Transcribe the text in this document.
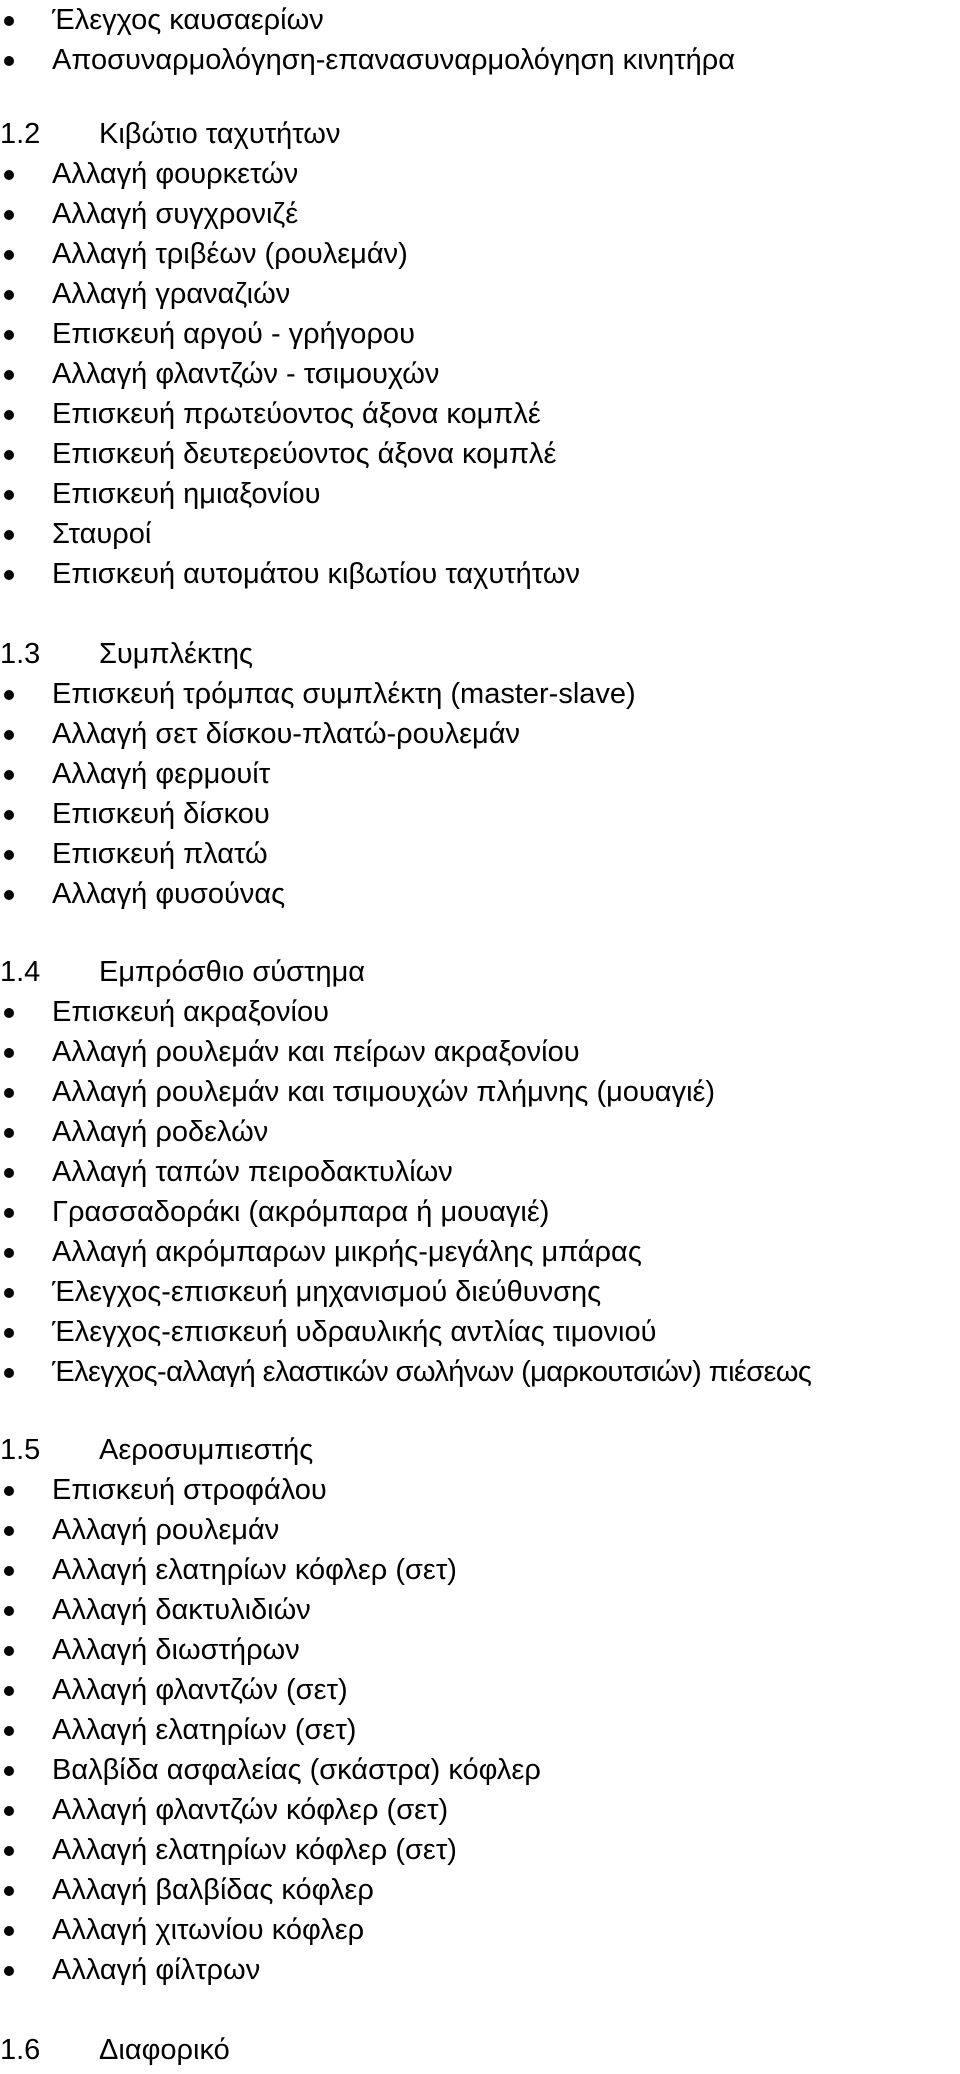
Έλεγχος καυσαερίων
Αποσυναρμολόγηση-επανασυναρμολόγηση κινητήρα
1.2 Κιβώτιο ταχυτήτων
Αλλαγή φουρκετών
Αλλαγή συγχρονιζέ
Αλλαγή τριβέων (ρουλεμάν)
Αλλαγή γραναζιών
Επισκευή αργού - γρήγορου
Αλλαγή φλαντζών - τσιμουχών
Επισκευή πρωτεύοντος άξονα κομπλέ
Επισκευή δευτερεύοντος άξονα κομπλέ
Επισκευή ημιαξονίου
Σταυροί
Επισκευή αυτομάτου κιβωτίου ταχυτήτων
1.3 Συμπλέκτης
Επισκευή τρόμπας συμπλέκτη (master-slave)
Αλλαγή σετ δίσκου-πλατώ-ρουλεμάν
Αλλαγή φερμουίτ
Επισκευή δίσκου
Επισκευή πλατώ
Αλλαγή φυσούνας
1.4 Εμπρόσθιο σύστημα
Επισκευή ακραξονίου
Αλλαγή ρουλεμάν και πείρων ακραξονίου
Αλλαγή ρουλεμάν και τσιμουχών πλήμνης (μουαγιέ)
Αλλαγή ροδελών
Αλλαγή ταπών πειροδακτυλίων
Γρασσαδοράκι (ακρόμπαρα ή μουαγιέ)
Αλλαγή ακρόμπαρων μικρής-μεγάλης μπάρας
Έλεγχος-επισκευή μηχανισμού διεύθυνσης
Έλεγχος-επισκευή υδραυλικής αντλίας τιμονιού
Έλεγχος-αλλαγή ελαστικών σωλήνων (μαρκουτσιών) πιέσεως
1.5 Αεροσυμπιεστής
Επισκευή στροφάλου
Αλλαγή ρουλεμάν
Αλλαγή ελατηρίων κόφλερ (σετ)
Αλλαγή δακτυλιδιών
Αλλαγή διωστήρων
Αλλαγή φλαντζών (σετ)
Αλλαγή ελατηρίων (σετ)
Βαλβίδα ασφαλείας (σκάστρα) κόφλερ
Αλλαγή φλαντζών κόφλερ (σετ)
Αλλαγή ελατηρίων κόφλερ (σετ)
Αλλαγή βαλβίδας κόφλερ
Αλλαγή χιτωνίου κόφλερ
Αλλαγή φίλτρων
1.6 Διαφορικό
